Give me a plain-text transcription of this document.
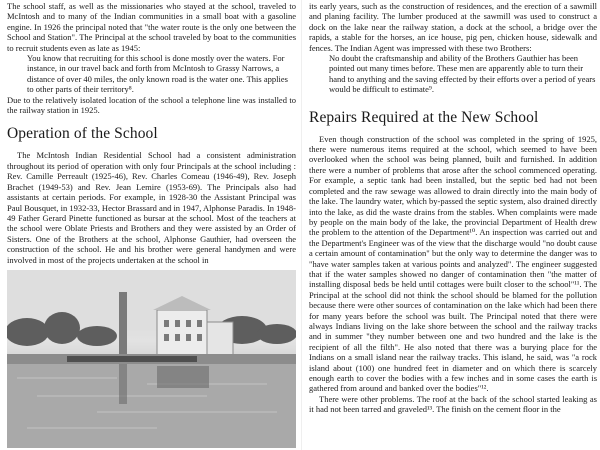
The school staff, as well as the missionaries who stayed at the school, traveled to McIntosh and to many of the Indian communities in a small boat with a gasoline engine. In 1926 the principal noted that "the water route is the only one between the School and Station". The Principal at the school traveled by boat to the communities to recruit students even as late as 1945:

You know that recruiting for this school is done mostly over the waters. For instance, in our travel back and forth from McIntosh to Grassy Narrows, a distance of over 40 miles, the only known road is the water one. This applies to other parts of their territory⁸.

Due to the relatively isolated location of the school a telephone line was installed to the railway station in 1925.

Operation of the School

The McIntosh Indian Residential School had a consistent administration throughout its period of operation with only four Principals at the school including : Rev. Camille Perreault (1925-46), Rev. Charles Comeau (1946-49), Rev. Joseph Brachet (1949-53) and Rev. Jean Lemire (1953-69). The Principals also had assistants at certain periods. For example, in 1928-30 the Assistant Principal was Paul Bousquet, in 1932-33, Hector Brassard and in 1947, Alphonse Paradis. In 1948-49 Father Gerard Pinette functioned as bursar at the school. Most of the teachers at the school were Oblate Priests and Brothers and they were assisted by an Order of Sisters. One of the Brothers at the school, Alphonse Gauthier, had overseen the construction of the school. He and his brother were general handymen and were involved in most of the projects undertaken at the school in

its early years, such as the construction of residences, and the erection of a sawmill and planing facility. The lumber produced at the sawmill was used to construct a dock on the lake near the railway station, a dock at the school, a bridge over the rapids, a stable for the horses, an ice house, pig pen, chicken house, sidewalk and fences. The Indian Agent was impressed with these two Brothers:

No doubt the craftsmanship and ability of the Brothers Gauthier has been pointed out many times before. These men are apparently able to turn their hand to anything and the saving effected by their efforts over a period of years would be difficult to estimate⁹.

Repairs Required at the New School

Even though construction of the school was completed in the spring of 1925, there were numerous items required at the school, which seemed to have been overlooked when the school was being planned, built and furnished. In addition there were a number of problems that arose after the school commenced operating. For example, a septic tank had been installed, but the septic bed had not been completed and the raw sewage was allowed to drain directly into the main body of the lake. The laundry water, which by-passed the septic system, also drained directly into the lake, as did the waste drains from the stables. When complaints were made by people on the main body of the lake, the provincial Department of Health drew the problem to the attention of the Department¹⁰. An inspection was carried out and the Department's Engineer was of the view that the discharge would "no doubt cause a certain amount of contamination" but the only way to determine the danger was to "have water samples taken at various points and analyzed". The engineer suggested that if the water samples showed no danger of contamination then "the matter of installing disposal beds be held until cottages were built closer to the school"¹¹. The Principal at the school did not think the school should be blamed for the pollution because there were other sources of contamination on the lake which had been there for many years before the school was built. The Principal noted that there were always Indians living on the lake shore between the school and the railway tracks and in summer "they number between one and two hundred and the lake is the recipient of all the filth". He also noted that there was a burying place for the Indians on a small island near the railway tracks. This island, he said, was "a rock island about (100) one hundred feet in diameter and on which there is scarcely enough earth to cover the bodies with a few inches and in some cases the earth is gathered from around and banked over the bodies"¹².

There were other problems. The roof at the back of the school started leaking as it had not been tarred and graveled¹³. The finish on the cement floor in the
